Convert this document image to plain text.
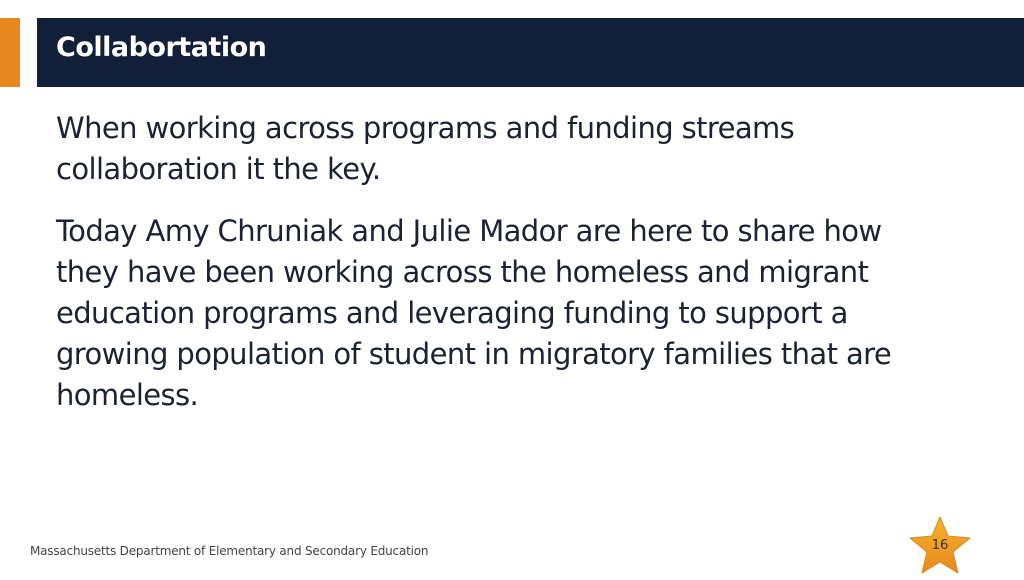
Collabortation

When working across programs and funding streams
collaboration it the key.

Today Amy Chruniak and Julie Mador are here to share how
they have been working across the homeless and migrant
education programs and leveraging funding to support a
growing population of student in migratory families that are
homeless.

Massachusetts Department of Elementary and Secondary Education	16
